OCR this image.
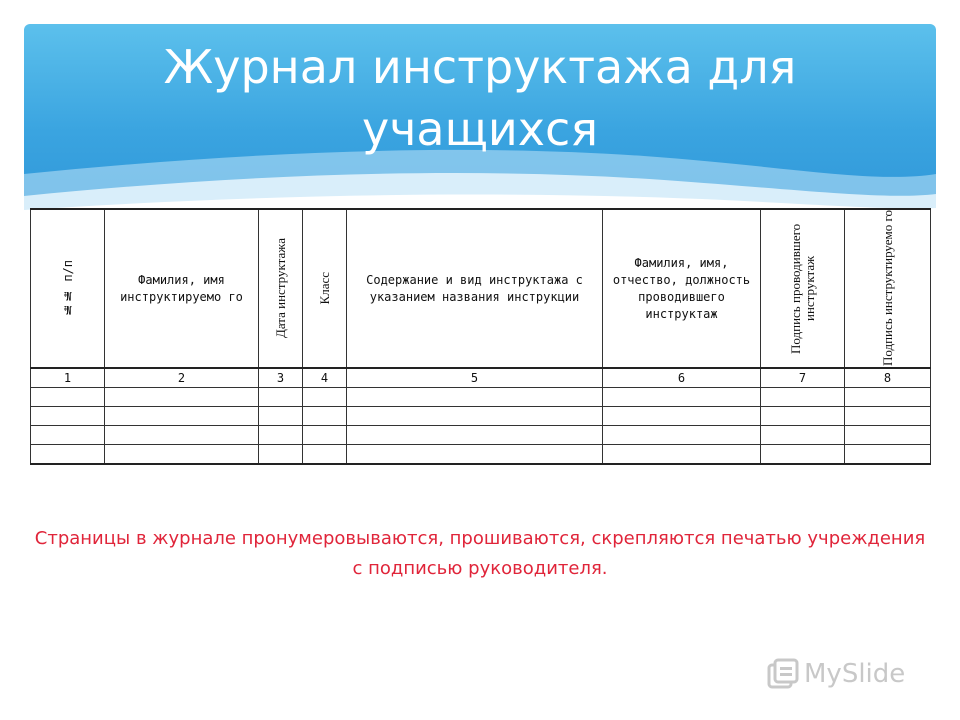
Журнал инструктажа для учащихся
№№ п/п	Фамилия, имя инструктируемо го	Дата инструктажа	Класс	Содержание и вид инструктажа с указанием названия инструкции	Фамилия, имя, отчество, должность проводившего инструктаж	Подпись проводившего инструктаж	Подпись инструктируемо го

1	2	3	4	5	6	7	8

Страницы в журнале пронумеровываются, прошиваются, скрепляются печатью учреждения с подписью руководителя.

MySlide
